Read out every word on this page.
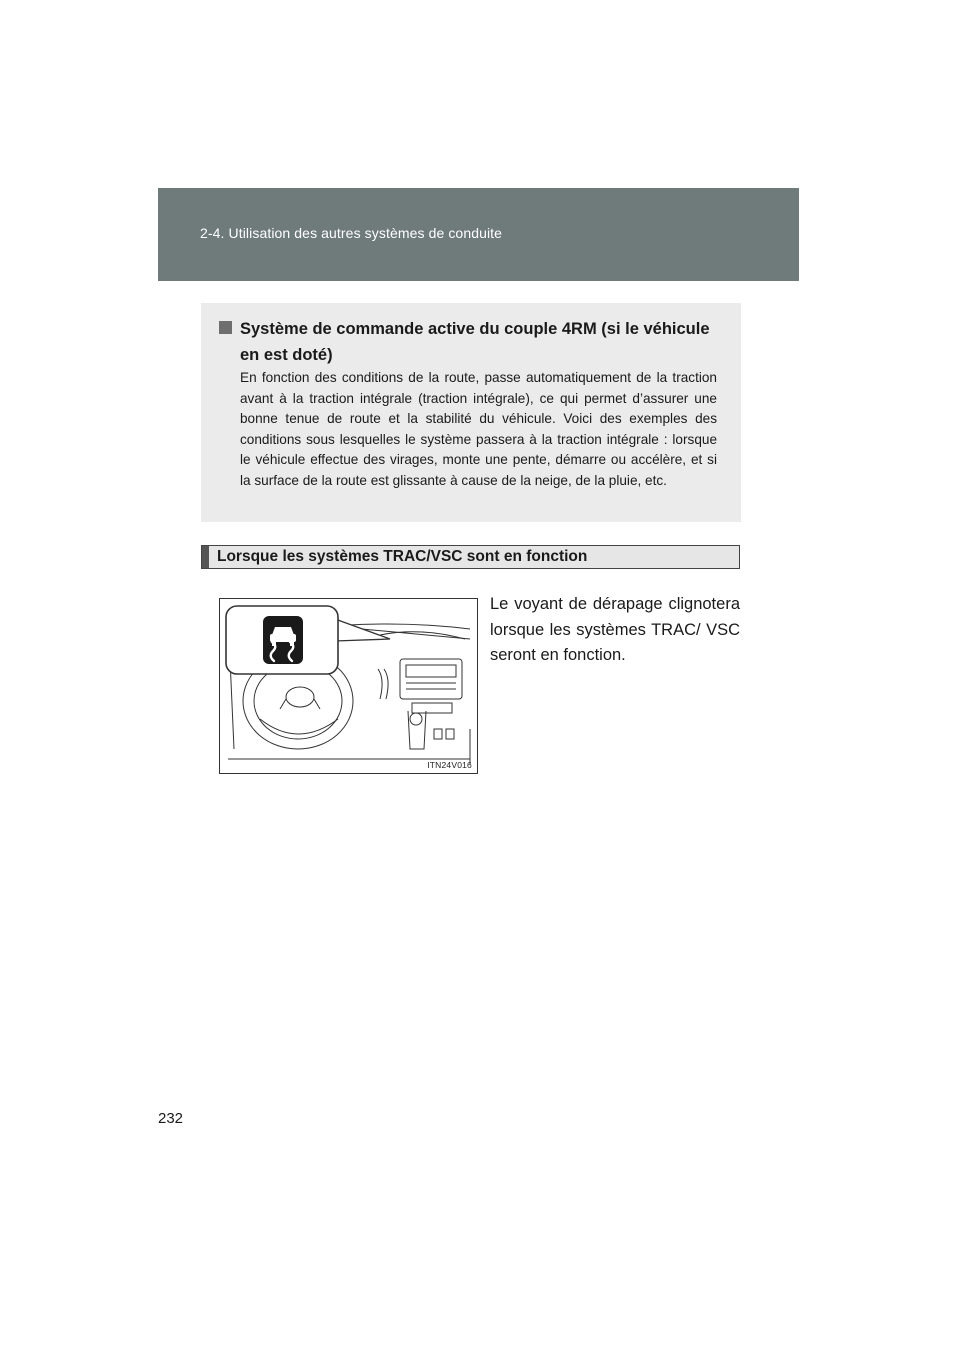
2-4. Utilisation des autres systèmes de conduite
Système de commande active du couple 4RM (si le véhicule en est doté)
En fonction des conditions de la route, passe automatiquement de la traction avant à la traction intégrale (traction intégrale), ce qui permet d’assurer une bonne tenue de route et la stabilité du véhicule. Voici des exemples des conditions sous lesquelles le système passera à la traction intégrale : lorsque le véhicule effectue des virages, monte une pente, démarre ou accélère, et si la surface de la route est glissante à cause de la neige, de la pluie, etc.
Lorsque les systèmes TRAC/VSC sont en fonction
ITN24V016
Le voyant de dérapage clignotera lorsque les systèmes TRAC/ VSC seront en fonction.
232
